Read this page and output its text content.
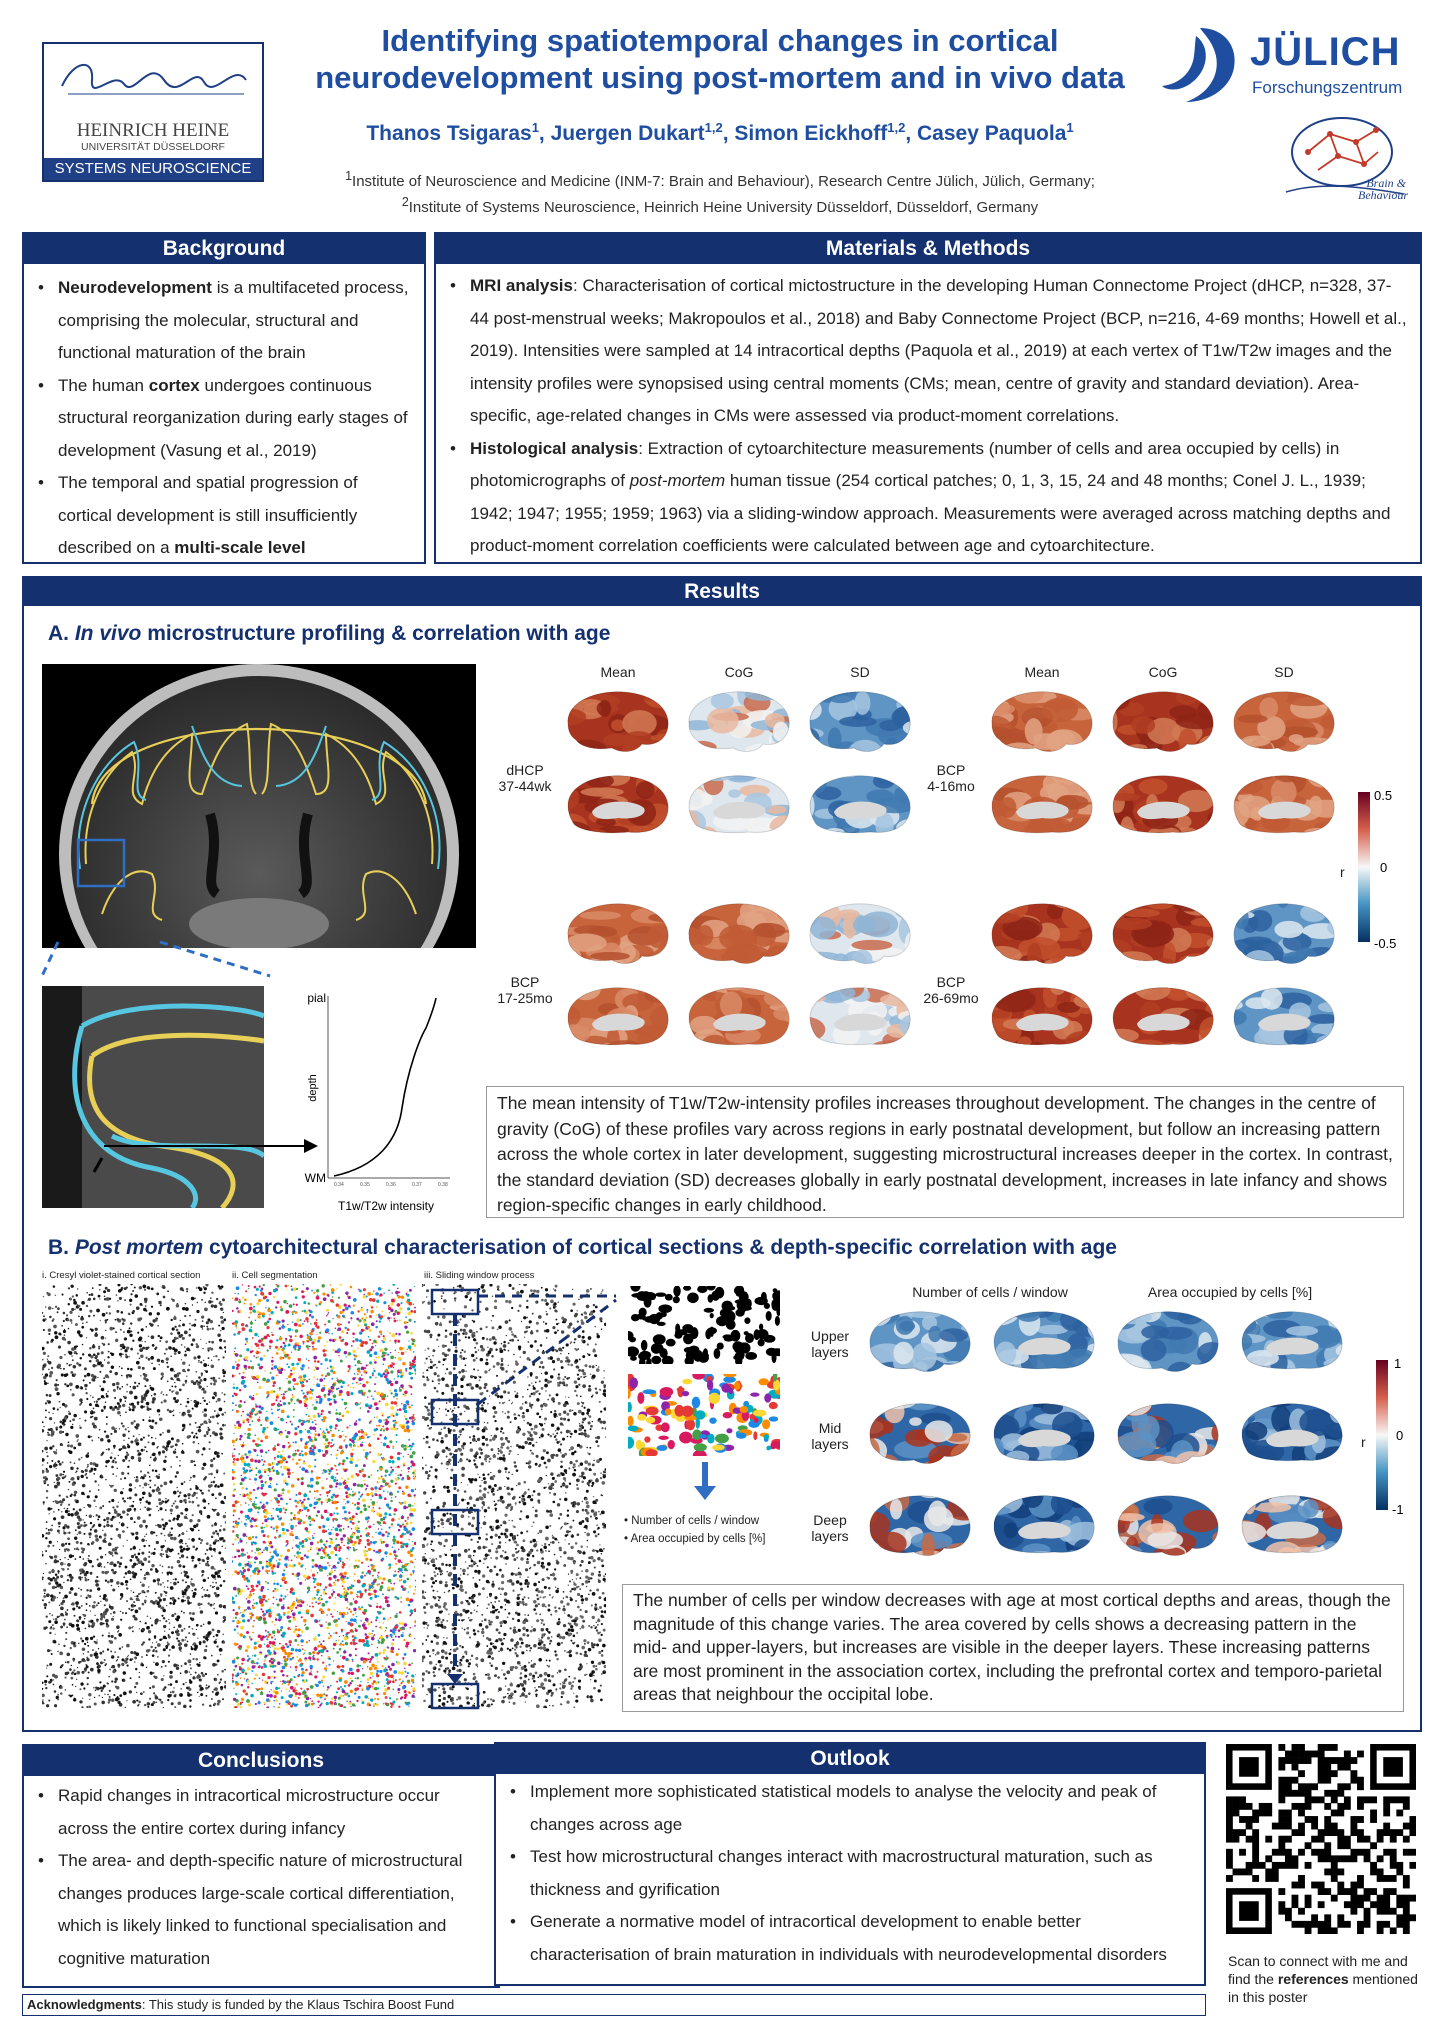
HEINRICH HEINE
UNIVERSITÄT DÜSSELDORF
SYSTEMS NEUROSCIENCE
Identifying spatiotemporal changes in cortical
neurodevelopment using post-mortem and in vivo data
Thanos Tsigaras$^1$, Juergen Dukart$^{1,2}$, Simon Eickhoff$^{1,2}$, Casey Paquola$^1$
$^1$Institute of Neuroscience and Medicine (INM-7: Brain and Behaviour), Research Centre Jülich, Jülich, Germany;
$^2$Institute of Systems Neuroscience, Heinrich Heine University Düsseldorf, Düsseldorf, Germany
JÜLICH
Forschungszentrum
Brain &
Behaviour
Background
• Neurodevelopment is a multifaceted process, comprising the molecular, structural and functional maturation of the brain
• The human cortex undergoes continuous structural reorganization during early stages of development (Vasung et al., 2019)
• The temporal and spatial progression of cortical development is still insufficiently described on a multi-scale level
Materials & Methods
• MRI analysis: Characterisation of cortical mictostructure in the developing Human Connectome Project (dHCP, n=328, 37-44 post-menstrual weeks; Makropoulos et al., 2018) and Baby Connectome Project (BCP, n=216, 4-69 months; Howell et al., 2019). Intensities were sampled at 14 intracortical depths (Paquola et al., 2019) at each vertex of T1w/T2w images and the intensity profiles were synopsised using central moments (CMs; mean, centre of gravity and standard deviation). Area-specific, age-related changes in CMs were assessed via product-moment correlations.
• Histological analysis: Extraction of cytoarchitecture measurements (number of cells and area occupied by cells) in photomicrographs of post-mortem human tissue (254 cortical patches; 0, 1, 3, 15, 24 and 48 months; Conel J. L., 1939; 1942; 1947; 1955; 1959; 1963) via a sliding-window approach. Measurements were averaged across matching depths and product-moment correlation coefficients were calculated between age and cytoarchitecture.
Results
A. In vivo microstructure profiling & correlation with age
pial
WM
depth
0.34	0.35	0.36	0.37	0.38
T1w/T2w intensity
Mean	CoG	SD	Mean	CoG	SD
dHCP
37-44wk
BCP
4-16mo
BCP
17-25mo
BCP
26-69mo
0.5
0
-0.5
r
The mean intensity of T1w/T2w-intensity profiles increases throughout development. The changes in the centre of gravity (CoG) of these profiles vary across regions in early postnatal development, but follow an increasing pattern across the whole cortex in later development, suggesting microstructural increases deeper in the cortex. In contrast, the standard deviation (SD) decreases globally in early postnatal development, increases in late infancy and shows region-specific changes in early childhood.
B. Post mortem cytoarchitectural characterisation of cortical sections & depth-specific correlation with age
i. Cresyl violet-stained cortical section	ii. Cell segmentation	iii. Sliding window process
• Number of cells / window
• Area occupied by cells [%]
Number of cells / window	Area occupied by cells [%]
Upper
layers
Mid
layers
Deep
layers
1
0
-1
r
The number of cells per window decreases with age at most cortical depths and areas, though the magnitude of this change varies. The area covered by cells shows a decreasing pattern in the mid- and upper-layers, but increases are visible in the deeper layers. These increasing patterns are most prominent in the association cortex, including the prefrontal cortex and temporo-parietal areas that neighbour the occipital lobe.
Conclusions
• Rapid changes in intracortical microstructure occur across the entire cortex during infancy
• The area- and depth-specific nature of microstructural changes produces large-scale cortical differentiation, which is likely linked to functional specialisation and cognitive maturation
Outlook
• Implement more sophisticated statistical models to analyse the velocity and peak of changes across age
• Test how microstructural changes interact with macrostructural maturation, such as thickness and gyrification
• Generate a normative model of intracortical development to enable better characterisation of brain maturation in individuals with neurodevelopmental disorders	Scan to connect with me and find the references mentioned in this poster
Acknowledgments: This study is funded by the Klaus Tschira Boost Fund
